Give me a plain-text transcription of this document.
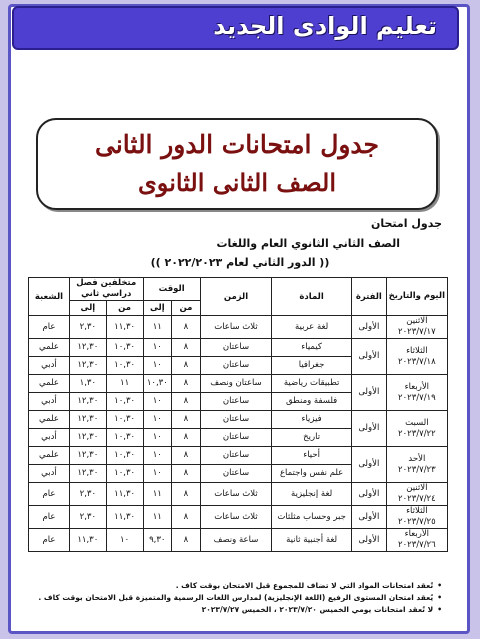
تعليم الوادى الجديد
جدول امتحانات الدور الثانى
الصف الثانى الثانوى
جدول امتحان
الصف الثاني الثانوي العام واللغات
(( الدور الثاني لعام ٢٠٢٢/٢٠٢٣ ))
اليوم والتاريخ	الفترة	المادة	الزمن	الوقت		متخلفين فصل دراسي ثاني		الشعبة
				من	إلى	من	إلى	

الاثنين
٢٠٢٣/٧/١٧	الأولى	لغة عربية	ثلاث ساعات	٨	١١	١١,٣٠	٢,٣٠	عام

الثلاثاء
٢٠٢٣/٧/١٨	الأولى	كيمياء	ساعتان	٨	١٠	١٠,٣٠	١٢,٣٠	علمي
		جغرافيا	ساعتان	٨	١٠	١٠,٣٠	١٢,٣٠	أدبي

الأربعاء
٢٠٢٣/٧/١٩	الأولى	تطبيقات رياضية	ساعتان ونصف	٨	١٠,٣٠	١١	١,٣٠	علمي
		فلسفة ومنطق	ساعتان	٨	١٠	١٠,٣٠	١٢,٣٠	أدبي

السبت
٢٠٢٣/٧/٢٢	الأولى	فيزياء	ساعتان	٨	١٠	١٠,٣٠	١٢,٣٠	علمي
		تاريخ	ساعتان	٨	١٠	١٠,٣٠	١٢,٣٠	أدبي

الأحد
٢٠٢٣/٧/٢٣	الأولى	أحياء	ساعتان	٨	١٠	١٠,٣٠	١٢,٣٠	علمي
		علم نفس واجتماع	ساعتان	٨	١٠	١٠,٣٠	١٢,٣٠	أدبي

الاثنين
٢٠٢٣/٧/٢٤	الأولى	لغة إنجليزية	ثلاث ساعات	٨	١١	١١,٣٠	٢,٣٠	عام

الثلاثاء
٢٠٢٣/٧/٢٥	الأولى	جبر وحساب مثلثات	ثلاث ساعات	٨	١١	١١,٣٠	٢,٣٠	عام

الأربعاء
٢٠٢٣/٧/٢٦	الأولى	لغة أجنبية ثانية	ساعة ونصف	٨	٩,٣٠	١٠	١١,٣٠	عام
•تُعقد امتحانات المواد التي لا تضاف للمجموع قبل الامتحان بوقت كاف .
•يُعقد امتحان المستوى الرفيع (اللغة الإنجليزية) لمدارس اللغات الرسمية والمتميزة قبل الامتحان بوقت كاف .
•لا تُعقد امتحانات يومي الخميس ٢٠٢٣/٧/٢٠ ، الخميس ٢٠٢٣/٧/٢٧
